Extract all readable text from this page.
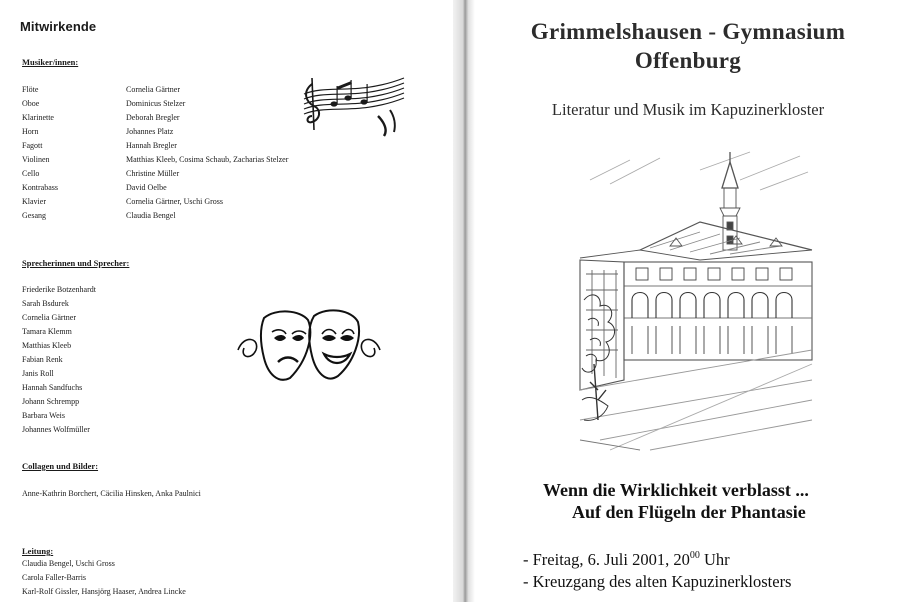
Mitwirkende
Musiker/innen:
Flöte	Cornelia Gärtner
Oboe	Dominicus Stelzer
Klarinette	Deborah Bregler
Horn	Johannes Platz
Fagott	Hannah Bregler
Violinen	Matthias Kleeb, Cosima Schaub, Zacharias Stelzer
Cello	Christine Müller
Kontrabass	David Oelbe
Klavier	Cornelia Gärtner, Uschi Gross
Gesang	Claudia Bengel
Sprecherinnen und Sprecher:
Friederike Botzenhardt
Sarah Bsdurek
Cornelia Gärtner
Tamara Klemm
Matthias Kleeb
Fabian Renk
Janis Roll
Hannah Sandfuchs
Johann Schrempp
Barbara Weis
Johannes Wolfmüller
Collagen und Bilder:
Anne-Kathrin Borchert, Cäcilia Hinsken, Anka Paulnici
Leitung:
Claudia Bengel, Uschi Gross
Carola Faller-Barris
Karl-Rolf Gissler, Hansjörg Haaser, Andrea Lincke
Grimmelshausen - Gymnasium
Offenburg
Literatur und Musik im Kapuzinerkloster
Wenn die Wirklichkeit verblasst ...
Auf den Flügeln der Phantasie
- Freitag, 6. Juli 2001, $20^{00}$ Uhr
- Kreuzgang des alten Kapuzinerklosters
